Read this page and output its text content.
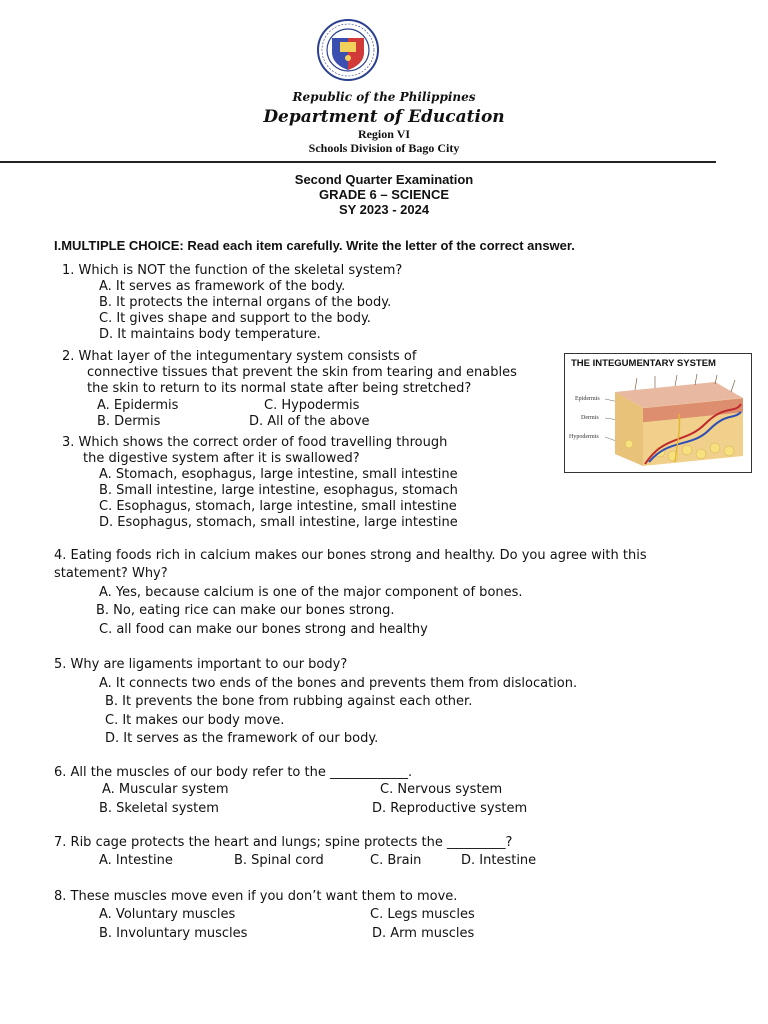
Republic of the Philippines
Department of Education
Region VI
Schools Division of Bago City
Second Quarter Examination
GRADE 6 – SCIENCE
SY 2023 - 2024
I.MULTIPLE CHOICE: Read each item carefully. Write the letter of the correct answer.
1. Which is NOT the function of the skeletal system?
A. It serves as framework of the body.
B. It protects the internal organs of the body.
C. It gives shape and support to the body.
D. It maintains body temperature.
2. What layer of the integumentary system consists of
connective tissues that prevent the skin from tearing and enables
the skin to return to its normal state after being stretched?
A. Epidermis	C. Hypodermis
B. Dermis	D. All of the above
THE INTEGUMENTARY SYSTEM
Epidermis
Dermis
Hypodermis
3. Which shows the correct order of food travelling through
the digestive system after it is swallowed?
A. Stomach, esophagus, large intestine, small intestine
B. Small intestine, large intestine, esophagus, stomach
C. Esophagus, stomach, large intestine, small intestine
D. Esophagus, stomach, small intestine, large intestine
4. Eating foods rich in calcium makes our bones strong and healthy. Do you agree with this
statement? Why?
A. Yes, because calcium is one of the major component of bones.
B. No, eating rice can make our bones strong.
C. all food can make our bones strong and healthy
5. Why are ligaments important to our body?
A. It connects two ends of the bones and prevents them from dislocation.
B. It prevents the bone from rubbing against each other.
C. It makes our body move.
D. It serves as the framework of our body.
6. All the muscles of our body refer to the ____________.
A. Muscular system	C. Nervous system
B. Skeletal system	D. Reproductive system
7. Rib cage protects the heart and lungs; spine protects the _________?
A. Intestine	B. Spinal cord	C. Brain	D. Intestine
8. These muscles move even if you don’t want them to move.
A. Voluntary muscles	C. Legs muscles
B. Involuntary muscles	D. Arm muscles
